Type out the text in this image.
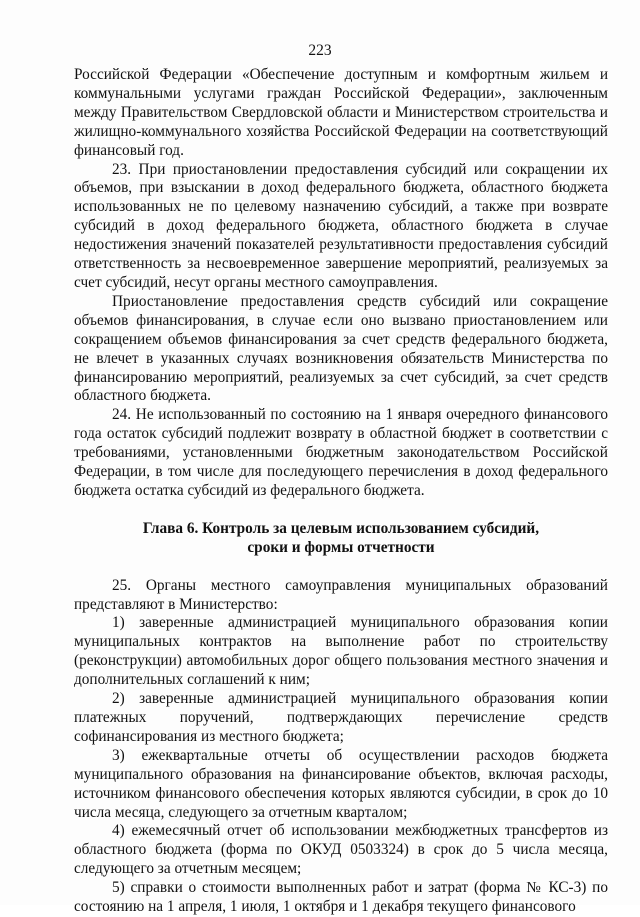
223

Российской Федерации «Обеспечение доступным и комфортным жильем и коммунальными услугами граждан Российской Федерации», заключенным между Правительством Свердловской области и Министерством строительства и жилищно-коммунального хозяйства Российской Федерации на соответствующий финансовый год.

23. При приостановлении предоставления субсидий или сокращении их объемов, при взыскании в доход федерального бюджета, областного бюджета использованных не по целевому назначению субсидий, а также при возврате субсидий в доход федерального бюджета, областного бюджета в случае недостижения значений показателей результативности предоставления субсидий ответственность за несвоевременное завершение мероприятий, реализуемых за счет субсидий, несут органы местного самоуправления.

Приостановление предоставления средств субсидий или сокращение объемов финансирования, в случае если оно вызвано приостановлением или сокращением объемов финансирования за счет средств федерального бюджета, не влечет в указанных случаях возникновения обязательств Министерства по финансированию мероприятий, реализуемых за счет субсидий, за счет средств областного бюджета.

24. Не использованный по состоянию на 1 января очередного финансового года остаток субсидий подлежит возврату в областной бюджет в соответствии с требованиями, установленными бюджетным законодательством Российской Федерации, в том числе для последующего перечисления в доход федерального бюджета остатка субсидий из федерального бюджета.

Глава 6. Контроль за целевым использованием субсидий,
сроки и формы отчетности

25. Органы местного самоуправления муниципальных образований представляют в Министерство:

1) заверенные администрацией муниципального образования копии муниципальных контрактов на выполнение работ по строительству (реконструкции) автомобильных дорог общего пользования местного значения и дополнительных соглашений к ним;

2) заверенные администрацией муниципального образования копии платежных поручений, подтверждающих перечисление средств софинансирования из местного бюджета;

3) ежеквартальные отчеты об осуществлении расходов бюджета муниципального образования на финансирование объектов, включая расходы, источником финансового обеспечения которых являются субсидии, в срок до 10 числа месяца, следующего за отчетным кварталом;

4) ежемесячный отчет об использовании межбюджетных трансфертов из областного бюджета (форма по ОКУД 0503324) в срок до 5 числа месяца, следующего за отчетным месяцем;

5) справки о стоимости выполненных работ и затрат (форма № КС-3) по состоянию на 1 апреля, 1 июля, 1 октября и 1 декабря текущего финансового
